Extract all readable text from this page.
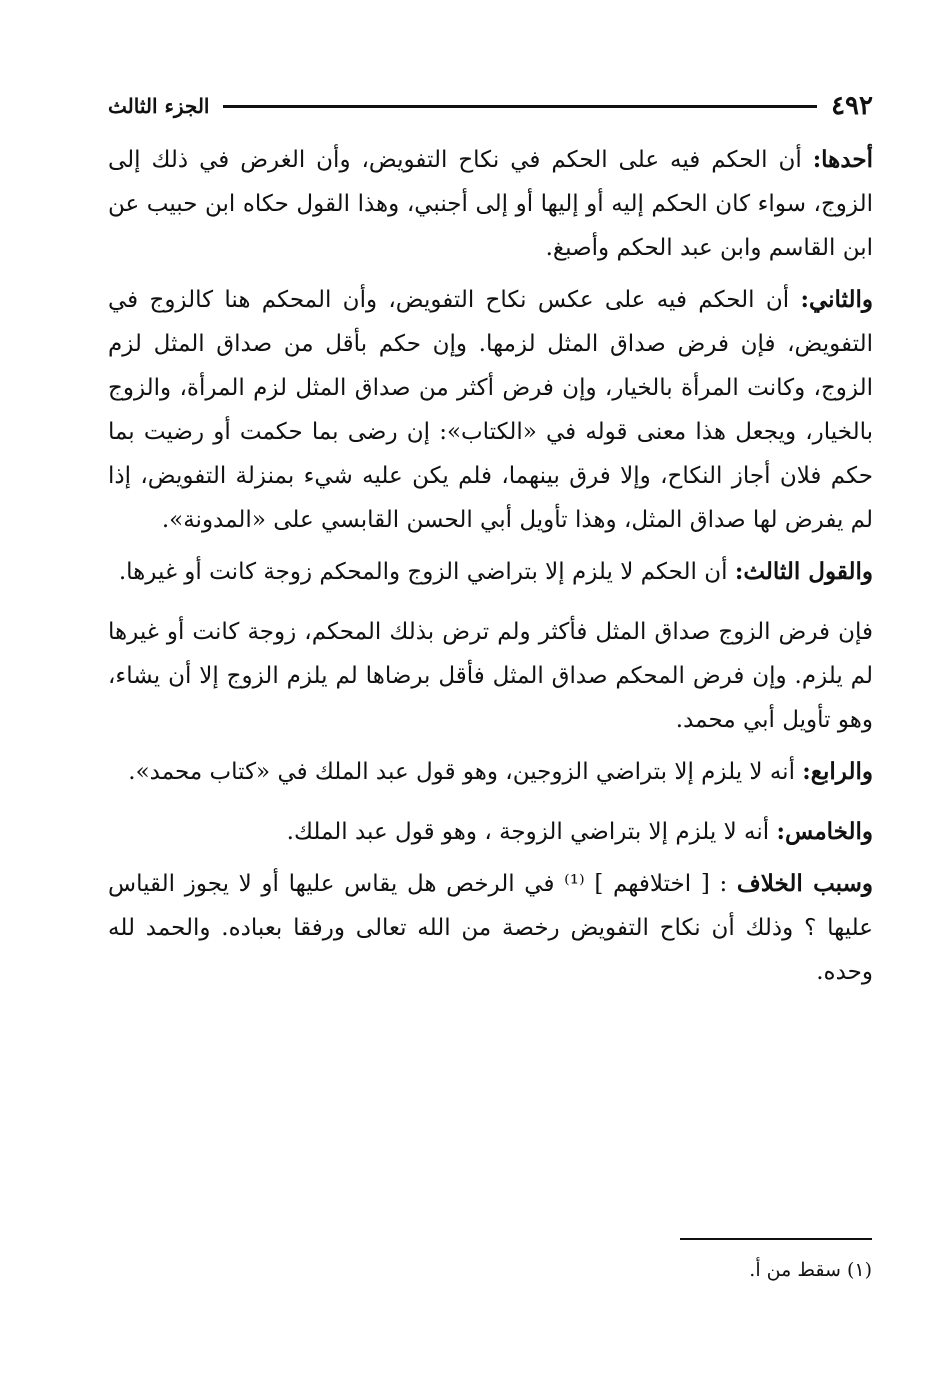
٤٩٢
الجزء الثالث

أحدها: أن الحكم فيه على الحكم في نكاح التفويض، وأن الغرض في ذلك إلى الزوج، سواء كان الحكم إليه أو إليها أو إلى أجنبي، وهذا القول حكاه ابن حبيب عن ابن القاسم وابن عبد الحكم وأصبغ.

والثاني: أن الحكم فيه على عكس نكاح التفويض، وأن المحكم هنا كالزوج في التفويض، فإن فرض صداق المثل لزمها. وإن حكم بأقل من صداق المثل لزم الزوج، وكانت المرأة بالخيار، وإن فرض أكثر من صداق المثل لزم المرأة، والزوج بالخيار، ويجعل هذا معنى قوله في «الكتاب»: إن رضى بما حكمت أو رضيت بما حكم فلان أجاز النكاح، وإلا فرق بينهما، فلم يكن عليه شيء بمنزلة التفويض، إذا لم يفرض لها صداق المثل، وهذا تأويل أبي الحسن القابسي على «المدونة».

والقول الثالث: أن الحكم لا يلزم إلا بتراضي الزوج والمحكم زوجة كانت أو غيرها.

فإن فرض الزوج صداق المثل فأكثر ولم ترض بذلك المحكم، زوجة كانت أو غيرها لم يلزم. وإن فرض المحكم صداق المثل فأقل برضاها لم يلزم الزوج إلا أن يشاء، وهو تأويل أبي محمد.

والرابع: أنه لا يلزم إلا بتراضي الزوجين، وهو قول عبد الملك في «كتاب محمد».

والخامس: أنه لا يلزم إلا بتراضي الزوجة ، وهو قول عبد الملك.

وسبب الخلاف : [ اختلافهم ] ⁽¹⁾ في الرخص هل يقاس عليها أو لا يجوز القياس عليها ؟ وذلك أن نكاح التفويض رخصة من الله تعالى ورفقا بعباده. والحمد لله وحده.

(١) سقط من أ.
